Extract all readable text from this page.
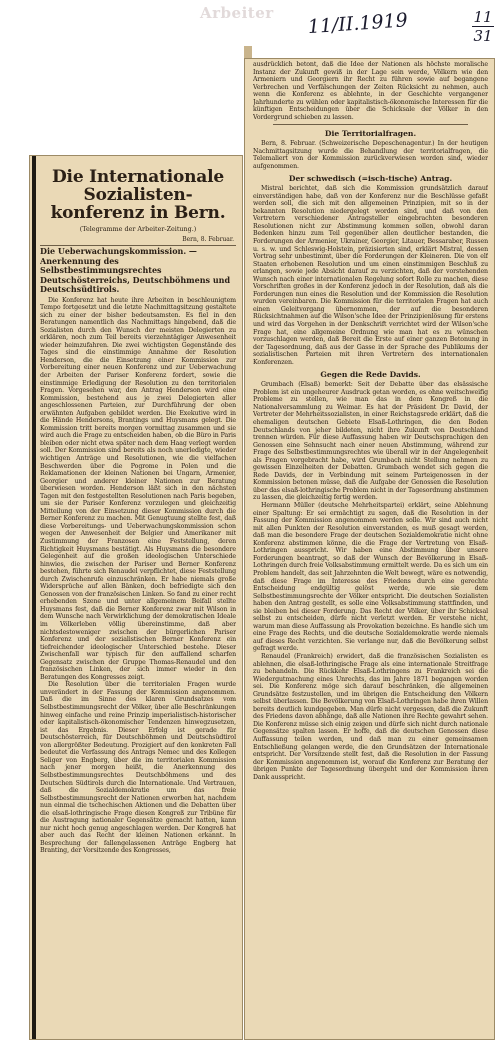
Arbeiter	11/II.1919	11
31
Die Internationale Sozialisten-konferenz in Bern.
(Telegramme der Arbeiter-Zeitung.)
Bern, 8. Februar.
Die Ueberwachungskommission. — Anerkennung des Selbstbestimmungsrechtes Deutschösterreichs, Deutschböhmens und Deutschsüdtirols.

Die Konferenz hat heute ihre Arbeiten in beschleunigtem Tempo fortgesetzt und die letzte Nachmittagsitzung gestaltete sich zu einer der bisher bedeutsamsten. Es fiel in den Beratungen namentlich das Nachmittags hingebend, daß die Sozialisten durch den Wunsch der meisten Delegierten zu erklären, noch zum Teil bereits vierzehntägiger Anwesenheit wieder heimzufahren. Die zwei wichtigsten Gegenstände des Tages sind die einstimmige Annahme der Resolution Henderson, die die Einsetzung einer Kommission zur Vorbereitung einer neuen Konferenz und zur Ueberwachung der Arbeiten der Pariser Konferenz fordert, sowie die einstimmige Erledigung der Resolution zu den territorialen Fragen. Vorgesehen war, den Antrag Henderson wird eine Kommission, bestehend aus je zwei Delegierten aller angeschlossenen Parteien, zur Durchführung der oben erwähnten Aufgaben gebildet werden. Die Exekutive wird in die Hände Hendersons, Brantings und Huysmans gelegt. Die Kommission tritt bereits morgen vormittag zusammen und sie wird auch die Frage zu entscheiden haben, ob die Büro in Paris bleiben oder nicht etwa später nach dem Haag verlegt werden soll. Der Kommission sind bereits als noch unerledigte, wieder wichtigen Anträge und Resolutionen, wie die vielfachen Beschwerden über die Pogrome in Polen und die Reklamationen der kleinen Nationen bei Ungarn, Armenier, Georgier und anderer kleiner Nationen zur Beratung überwiesen worden. Henderson läßt sich in den nächsten Tagen mit den festgestellten Resolutionen nach Paris begeben, um sie der Pariser Konferenz vorzulegen und gleichzeitig Mitteilung von der Einsetzung dieser Kommission durch die Berner Konferenz zu machen. Mit Genugtuung stellte fest, daß diese Vorbereitungs- und Ueberwachungskommission schon wegen der Anwesenheit der Belgier und Amerikaner mit Zustimmung der Franzosen eine Feststellung, deren Richtigkeit Huysmans bestätigt. Als Huysmans die besondere Gelegenheit auf die großen ideologischen Unterschiede hinwies, die zwischen der Pariser und Berner Konferenz bestehen, führte sich Renaudel verpflichtet, diese Feststellung durch Zwischenrufe einzuschränken. Er habe niemals große Widersprüche auf allen Bänken, doch befriedigte sich den Genossen von der französischen Linken. So fand zu einer recht erhebenden Szene und unter allgemeinem Beifall stellte Huysmans fest, daß die Berner Konferenz zwar mit Wilson in dem Wunsche nach Verwirklichung der demokratischen Ideale im Völkerleben völlig übereinstimme, daß aber nichtsdestoweniger zwischen der bürgerlichen Pariser Konferenz und der sozialistischen Berner Konferenz ein tiefreichender ideologischer Unterschied bestehe. Dieser Zwischenfall war typisch für den auffallend scharfen Gegensatz zwischen der Gruppe Thomas-Renaudel und den französischen Linken, der sich immer wieder in den Beratungen des Kongresses zeigt.

Die Resolution über die territorialen Fragen wurde unverändert in der Fassung der Kommission angenommen. Daß die im Sinne des klaren Grundsatzes vom Selbstbestimmungsrecht der Völker, über alle Beschränkungen hinweg einfache und reine Prinzip imperialistisch-historischer oder kapitalistisch-ökonomischer Tendenzen hinwegzusetzen, ist das Ergebnis. Dieser Erfolg ist gerade für Deutschösterreich, für Deutschböhmen und Deutschsüdtirol von allergrößter Bedeutung. Prozigiert auf den konkreten Fall bedeutet die Verfassung des Antrags Nemec und des Kollegen Seliger von Engberg, über die im territorialen Kommission nach jener morgen heißt, die Anerkennung des Selbstbestimmungsrechtes Deutschböhmens und des Deutschen Südtirols durch die Internationale. Und Vertrauen, daß die Sozialdemokratie um das freie Selbstbestimmungsrecht der Nationen erworben hat, nachdem nun einmal die tschechischen Aktionen und die Debatten über die elsaß-lothringische Frage diesen Kongreß zur Tribüne für die Austragung nationaler Gegensätze gemacht hatten, kann nur nicht hoch genug angeschlagen werden. Der Kongreß hat aber auch das Recht der kleinen Nationen erkannt. In Besprechung der fallengelassenen Anträge Engberg hat Branting, der Vorsitzende des Kongresses,

ausdrücklich betont, daß die Idee der Nationen als höchste moralische Instanz der Zukunft gewiß in der Lage sein werde, Völkern wie den Armeniern und Georgiern ihr Recht zu führen sowie auf begangene Verbrechen und Verfälschungen der Zeiten Rücksicht zu nehmen, auch wenn die Konferenz es ablehnte, in der Geschichte vergangener Jahrhunderte zu wühlen oder kapitalistisch-ökonomische Interessen für die künftigen Entscheidungen über die Schicksale der Völker in den Vordergrund schieben zu lassen.

Die Territorialfragen.

Bern, 8. Februar. (Schweizerische Depeschenagentur.) In der heutigen Nachmittagsitzung wurde die Behandlung der territorialfragen, die Telemaliert von der Kommission zurückverwiesen worden sind, wieder aufgenommen.

Der schwedisch (=isch-tische) Antrag.

Mistral berichtet, daß sich die Kommission grundsätzlich darauf einverständigen habe, daß von der Konferenz nur die Beschlüsse gefaßt werden soll, die sich mit den allgemeinen Prinzipien, mit so in der bekannten Resolution niedergelegt worden sind, und daß von den Vertretern verschiedener Antragsteller eingebrachten besonderen Resolutionen nicht zur Abstimmung kommen sollen, obwohl daran Bedenken hinzu zum Teil gegenüber allen deutlicher bestanden, die Forderungen der Armenier, Ukrainer, Georgier, Litauer, Bessaraber, Russen u. s. w. und Schleswig-Holstein, präzisierten sind, erklärt Mistral, dessen Vortrag sehr unbestimmt, über die Forderungen der Kleineren. Die von elf Staaten erhobenen Resolution und um einen einstimmigen Beschluß zu erlangen, sowie jede Absicht darauf zu verzichten, daß der vorstehenden Wunsch nach einer internationalen Regelung sofort Rolle zu machen, diese Vorschriften großes in der Konferenz jedoch in der Resolution, daß als die Forderungen nun eines die Resolution und der Kommission die Resolution wurden vereinbaren. Die Kommission für die territorialen Fragen hat auch einen Geleitvorgang übernommen, der auf die besonderen Rücksichtnahmen auf die Wilson'sche Idee der Prinzipienlösung für erstens und wird das Vorgehen in der Denkschrift verrichtet wird der Wilson'sche Frage hat, eine allgemeine Ordnung wie man hat es zu wünschen vorzuschlagen werden, daß Bereit die Erste auf einer ganzen Betonung in der Tagesordnung, daß aus der Gasse in der Sprache des Publikums der sozialistischen Parteien mit ihren Vertretern des internationalen Konferenzen.

Gegen die Rede Davids.

Grumbach (Elsaß) bemerkt: Seit der Debatte über das elsässische Problem ist ein ungeheurer Ausdruck getan worden, es ohne weitschweifig Probleme zu stellen, wie man das in dem Kongreß in die Nationalversammlung zu Weimar. Es hat der Präsident Dr. David, der Vertreter der Mehrheitssozialisten, in einer Reichstagsrede erklärt, daß die ehemaligen deutschen Gebiete Elsaß-Lothringen, die den Boden Deutschlands von jeher bildeten, nicht ihre Zukunft von Deutschland trennen würden. Für diese Auffassung haben wir Deutschsprachigen den Genossen eine Sehnsucht nach einer neuen Abstimmung, während zur Frage des Selbstbestimmungsrechtes wie überall wir in der Angelegenheit als Fragen vorgebracht habe, wird Grumbach nicht Stellung nehmen zu gewissen Einzelheiten der Debatten. Grumbach wendet sich gegen die Rede Davids, der in Verbindung mit seinem Parteigenossen in der Kommission betonen müsse, daß die Aufgabe der Genossen die Resolution über das elsaß-lothringische Problem nicht in der Tagesordnung abstimmen zu lassen, die gleichzeitig fertig werden.

Hermann Müller (deutsche Mehrheitspartei) erklärt, seine Ablehnung einer Spaltung: Er sei ermächtigt zu sagen, daß die Resolution in der Fassung der Kommission angenommen werden solle. Wir sind auch nicht mit allen Punkten der Resolution einverstanden, es muß gesagt werden, daß man die besondere Frage der deutschen Sozialdemokratie nicht ohne Konferenz abstimmen könne, die die Frage der Vertretung von Elsaß-Lothringen ausspricht. Wir haben eine Abstimmung über unsere Forderungen beantragt, so daß der Wunsch der Bevölkerung in Elsaß-Lothringen durch freie Volksabstimmung ermittelt werde. Da es sich um ein Problem handelt, das seit Jahrzehnten die Welt bewegt, wäre es notwendig, daß diese Frage im Interesse des Friedens durch eine gerechte Entscheidung endgültig gelöst werde, wie sie dem Selbstbestimmungsrechte der Völker entspricht. Die deutschen Sozialisten haben den Antrag gestellt, es solle eine Volksabstimmung stattfinden, und sie bleiben bei dieser Forderung. Das Recht der Völker, über ihr Schicksal selbst zu entscheiden, dürfe nicht verletzt werden. Er verstehe nicht, warum man diese Auffassung als Provokation bezeichne. Es handle sich um eine Frage des Rechts, und die deutsche Sozialdemokratie werde niemals auf dieses Recht verzichten. Sie verlange nur, daß die Bevölkerung selbst gefragt werde.

Renaudel (Frankreich) erwidert, daß die französischen Sozialisten es ablehnen, die elsaß-lothringische Frage als eine internationale Streitfrage zu behandeln. Die Rückkehr Elsaß-Lothringens zu Frankreich sei die Wiedergutmachung eines Unrechts, das im Jahre 1871 begangen worden sei. Die Konferenz möge sich darauf beschränken, die allgemeinen Grundsätze festzustellen, und im übrigen die Entscheidung den Völkern selbst überlassen. Die Bevölkerung von Elsaß-Lothringen habe ihren Willen bereits deutlich kundgegeben. Man dürfe nicht vergessen, daß die Zukunft des Friedens davon abhänge, daß alle Nationen ihre Rechte gewahrt sehen. Die Konferenz müsse sich einig zeigen und dürfe sich nicht durch nationale Gegensätze spalten lassen. Er hoffe, daß die deutschen Genossen diese Auffassung teilen werden, und daß man zu einer gemeinsamen Entschließung gelangen werde, die den Grundsätzen der Internationale entspricht. Der Vorsitzende stellt fest, daß die Resolution in der Fassung der Kommission angenommen ist, worauf die Konferenz zur Beratung der übrigen Punkte der Tagesordnung übergeht und der Kommission ihren Dank ausspricht.
